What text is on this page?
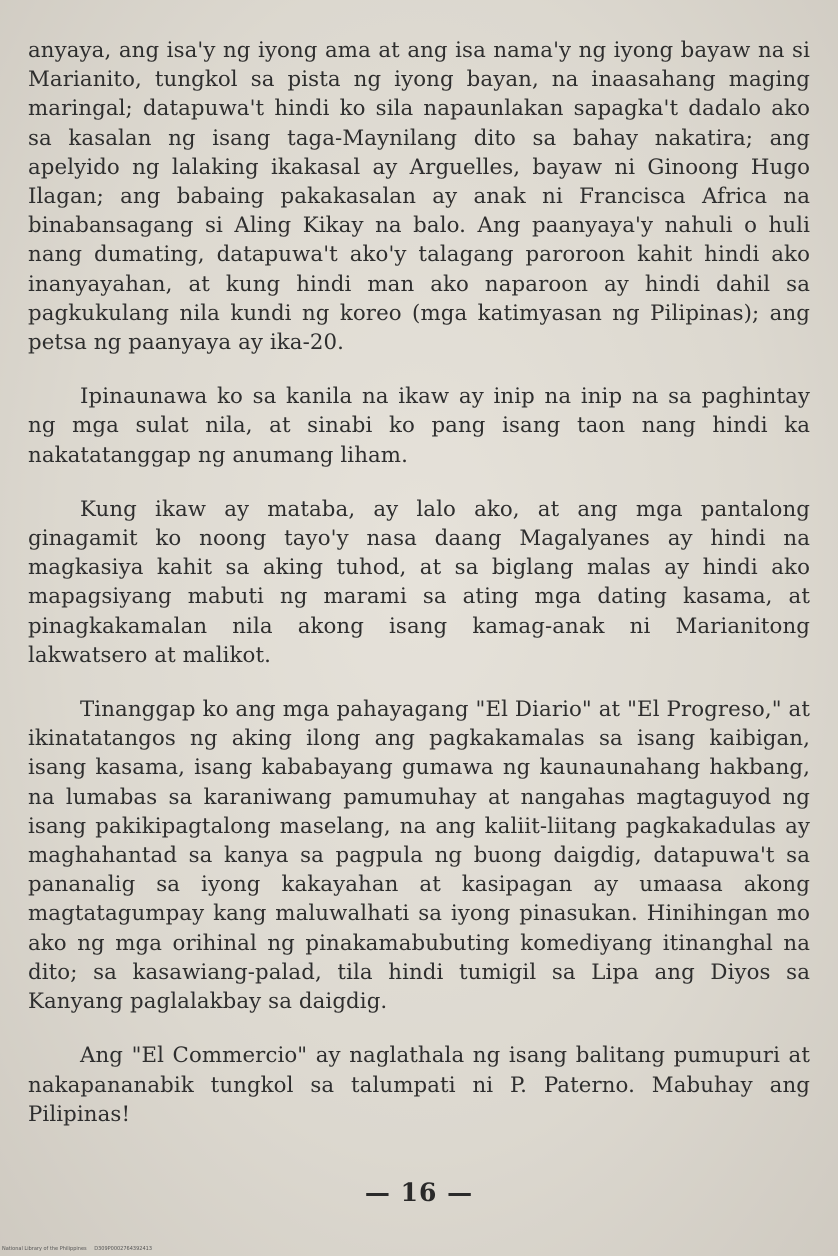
anyaya, ang isa'y ng iyong ama at ang isa nama'y ng iyong bayaw na si Marianito, tungkol sa pista ng iyong bayan, na inaasahang maging maringal; datapuwa't hindi ko sila napaunlakan sapagka't dadalo ako sa kasalan ng isang taga-Maynilang dito sa bahay nakatira; ang apelyido ng lalaking ikakasal ay Arguelles, bayaw ni Ginoong Hugo Ilagan; ang babaing pakakasalan ay anak ni Francisca Africa na binabansagang si Aling Kikay na balo. Ang paanyaya'y nahuli o huli nang dumating, datapuwa't ako'y talagang paroroon kahit hindi ako inanyayahan, at kung hindi man ako naparoon ay hindi dahil sa pagkukulang nila kundi ng koreo (mga katimyasan ng Pilipinas); ang petsa ng paanyaya ay ika-20.

Ipinaunawa ko sa kanila na ikaw ay inip na inip na sa paghintay ng mga sulat nila, at sinabi ko pang isang taon nang hindi ka nakatatanggap ng anumang liham.

Kung ikaw ay mataba, ay lalo ako, at ang mga pantalong ginagamit ko noong tayo'y nasa daang Magalyanes ay hindi na magkasiya kahit sa aking tuhod, at sa biglang malas ay hindi ako mapagsiyang mabuti ng marami sa ating mga dating kasama, at pinagkakamalan nila akong isang kamag-anak ni Marianitong lakwatsero at malikot.

Tinanggap ko ang mga pahayagang "El Diario" at "El Progreso," at ikinatatangos ng aking ilong ang pagkakamalas sa isang kaibigan, isang kasama, isang kababayang gumawa ng kaunaunahang hakbang, na lumabas sa karaniwang pamumuhay at nangahas magtaguyod ng isang pakikipagtalong maselang, na ang kaliit-liitang pagkakadulas ay maghahantad sa kanya sa pagpula ng buong daigdig, datapuwa't sa pananalig sa iyong kakayahan at kasipagan ay umaasa akong magtatagumpay kang maluwalhati sa iyong pinasukan. Hinihingan mo ako ng mga orihinal ng pinakamabubuting komediyang itinanghal na dito; sa kasawiang-palad, tila hindi tumigil sa Lipa ang Diyos sa Kanyang paglalakbay sa daigdig.

Ang "El Commercio" ay naglathala ng isang balitang pumupuri at nakapananabik tungkol sa talumpati ni P. Paterno. Mabuhay ang Pilipinas!

— 16 —
National Library of the Philippines D309P0002764392413
